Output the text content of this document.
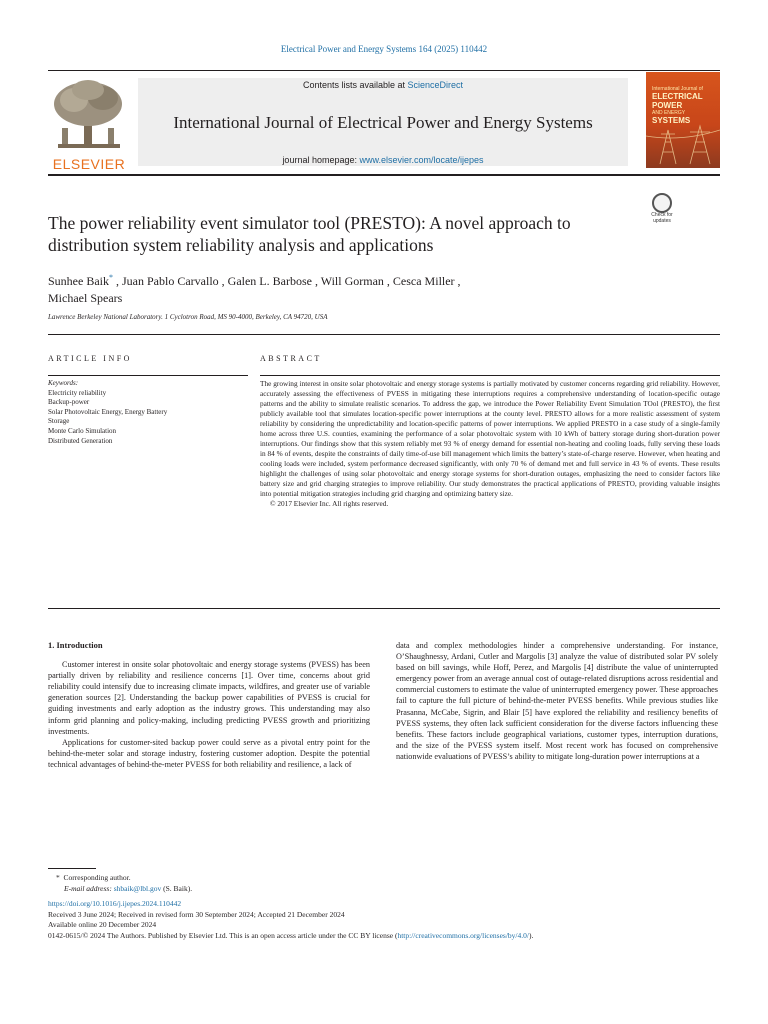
Electrical Power and Energy Systems 164 (2025) 110442
ELSEVIER
Contents lists available at ScienceDirect
International Journal of Electrical Power and Energy Systems
journal homepage: www.elsevier.com/locate/ijepes
International Journal of
ELECTRICAL
POWER
AND ENERGY
SYSTEMS
The power reliability event simulator tool (PRESTO): A novel approach to distribution system reliability analysis and applications
Check for
updates
Sunhee Baik* , Juan Pablo Carvallo , Galen L. Barbose , Will Gorman , Cesca Miller ,
Michael Spears
Lawrence Berkeley National Laboratory. 1 Cyclotron Road, MS 90-4000, Berkeley, CA 94720, USA
ARTICLE INFO
Keywords:
Electricity reliability
Backup-power
Solar Photovoltaic Energy, Energy Battery
Storage
Monte Carlo Simulation
Distributed Generation
ABSTRACT

The growing interest in onsite solar photovoltaic and energy storage systems is partially motivated by customer concerns regarding grid reliability. However, accurately assessing the effectiveness of PVESS in mitigating these interruptions requires a comprehensive understanding of location-specific outage patterns and the ability to simulate realistic scenarios. To address the gap, we introduce the Power Reliability Event Simulation TOol (PRESTO), the first publicly available tool that simulates location-specific power interruptions at the county level. PRESTO allows for a more realistic assessment of system reliability by considering the unpredictability and location-specific patterns of power interruptions. We applied PRESTO in a case study of a single-family home across three U.S. counties, examining the performance of a solar photovoltaic system with 10 kWh of battery storage during short-duration power interruptions. Our findings show that this system reliably met 93 % of energy demand for essential non-heating and cooling loads, fully serving these loads in 84 % of events, despite the constraints of daily time-of-use bill management which limits the battery’s state-of-charge reserve. However, when heating and cooling loads were included, system performance decreased significantly, with only 70 % of demand met and full service in 43 % of events. These results highlight the challenges of using solar photovoltaic and energy storage systems for short-duration outages, emphasizing the need to consider factors like battery size and grid charging strategies to improve reliability. Our study demonstrates the practical applications of PRESTO, providing valuable insights into potential mitigation strategies including grid charging and optimizing battery size.

© 2017 Elsevier Inc. All rights reserved.

1. Introduction

Customer interest in onsite solar photovoltaic and energy storage systems (PVESS) has been partially driven by reliability and resilience concerns [1]. Over time, concerns about grid reliability could intensify due to increasing climate impacts, wildfires, and greater use of variable generation sources [2]. Understanding the backup power capabilities of PVESS is crucial for guiding investments and early adoption as the industry grows. This understanding may also inform grid planning and policy-making, including predicting PVESS growth and prioritizing investments.

Applications for customer-sited backup power could serve as a pivotal entry point for the behind-the-meter solar and storage industry, fostering customer adoption. Despite the potential technical advantages of behind-the-meter PVESS for both reliability and resilience, a lack of

data and complex methodologies hinder a comprehensive understanding. For instance, O’Shaughnessy, Ardani, Cutler and Margolis [3] analyze the value of distributed solar PV solely based on bill savings, while Hoff, Perez, and Margolis [4] distribute the value of uninterrupted emergency power from an average annual cost of outage-related disruptions across residential and commercial customers to estimate the value of uninterrupted emergency power. These approaches fail to capture the full picture of behind-the-meter PVESS benefits. While previous studies like Prasanna, McCabe, Sigrin, and Blair [5] have explored the reliability and resiliency benefits of PVESS systems, they often lack sufficient consideration for the diverse factors influencing these benefits. These factors include geographical variations, customer types, interruption durations, and the size of the PVESS system itself. Most recent work has focused on comprehensive nationwide evaluations of PVESS’s ability to mitigate long-duration power interruptions at a

* Corresponding author.
E-mail address: shbaik@lbl.gov (S. Baik).
https://doi.org/10.1016/j.ijepes.2024.110442
Received 3 June 2024; Received in revised form 30 September 2024; Accepted 21 December 2024
Available online 20 December 2024
0142-0615/© 2024 The Authors. Published by Elsevier Ltd. This is an open access article under the CC BY license (http://creativecommons.org/licenses/by/4.0/).
